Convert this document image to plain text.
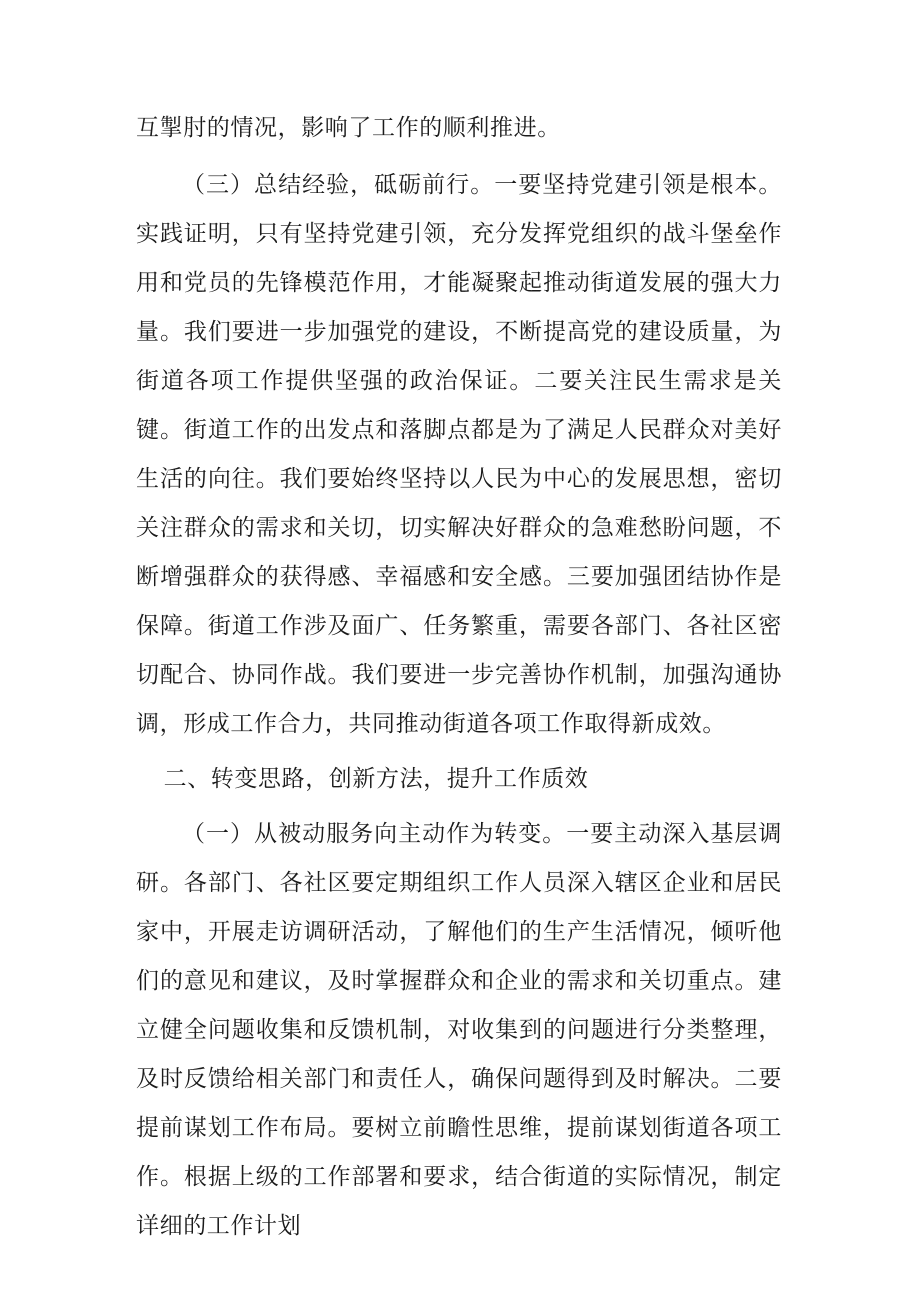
互掣肘的情况，影响了工作的顺利推进。

（三）总结经验，砥砺前行。一要坚持党建引领是根本。实践证明，只有坚持党建引领，充分发挥党组织的战斗堡垒作用和党员的先锋模范作用，才能凝聚起推动街道发展的强大力量。我们要进一步加强党的建设，不断提高党的建设质量，为街道各项工作提供坚强的政治保证。二要关注民生需求是关键。街道工作的出发点和落脚点都是为了满足人民群众对美好生活的向往。我们要始终坚持以人民为中心的发展思想，密切关注群众的需求和关切，切实解决好群众的急难愁盼问题，不断增强群众的获得感、幸福感和安全感。三要加强团结协作是保障。街道工作涉及面广、任务繁重，需要各部门、各社区密切配合、协同作战。我们要进一步完善协作机制，加强沟通协调，形成工作合力，共同推动街道各项工作取得新成效。

二、转变思路，创新方法，提升工作质效

（一）从被动服务向主动作为转变。一要主动深入基层调研。各部门、各社区要定期组织工作人员深入辖区企业和居民家中，开展走访调研活动，了解他们的生产生活情况，倾听他们的意见和建议，及时掌握群众和企业的需求和关切重点。建立健全问题收集和反馈机制，对收集到的问题进行分类整理，及时反馈给相关部门和责任人，确保问题得到及时解决。二要提前谋划工作布局。要树立前瞻性思维，提前谋划街道各项工作。根据上级的工作部署和要求，结合街道的实际情况，制定详细的工作计划
